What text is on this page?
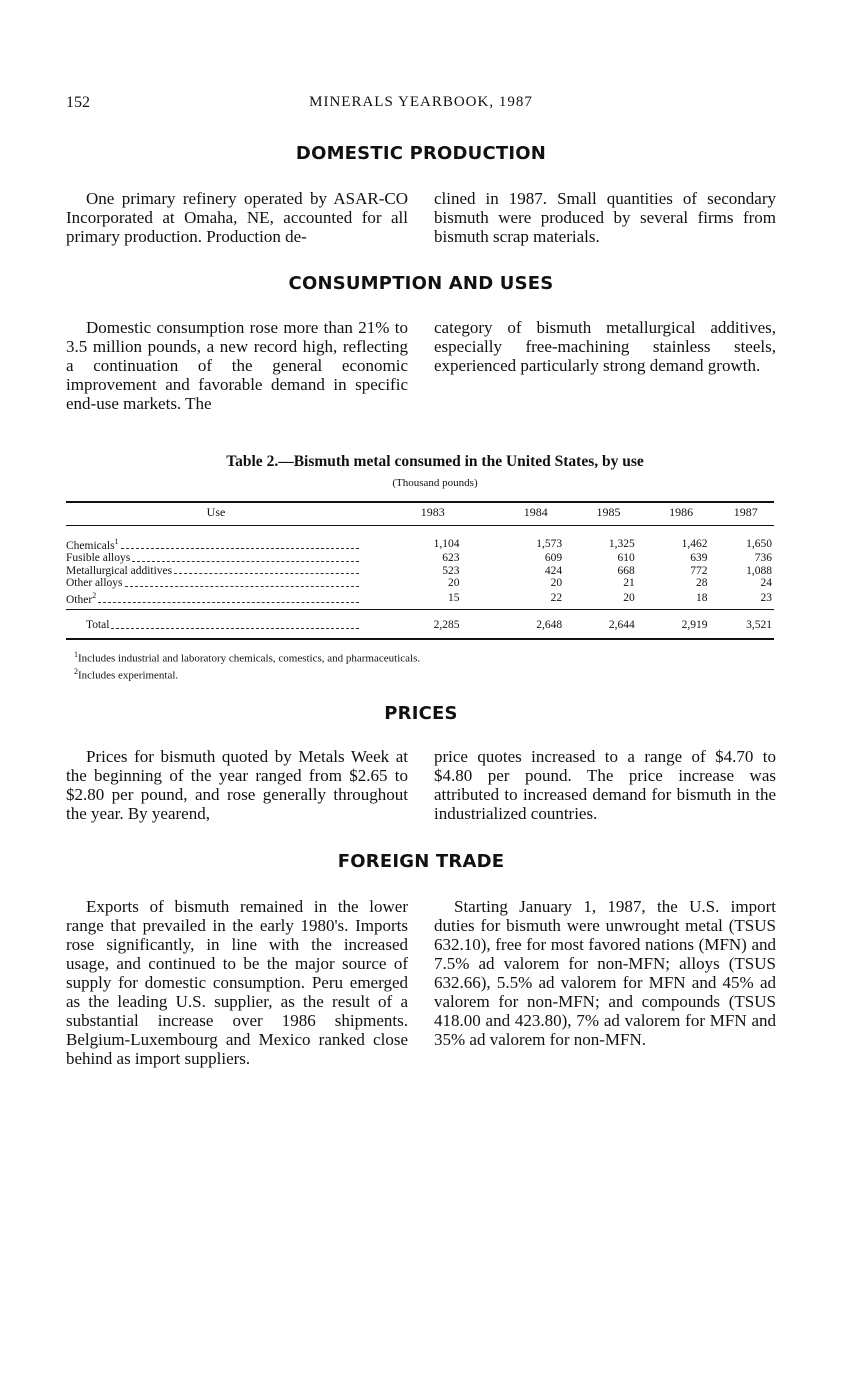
152	MINERALS YEARBOOK, 1987
DOMESTIC PRODUCTION

One primary refinery operated by ASAR-CO Incorporated at Omaha, NE, accounted for all primary production. Production de-

clined in 1987. Small quantities of secondary bismuth were produced by several firms from bismuth scrap materials.

CONSUMPTION AND USES

Domestic consumption rose more than 21% to 3.5 million pounds, a new record high, reflecting a continuation of the general economic improvement and favorable demand in specific end-use markets. The

category of bismuth metallurgical additives, especially free-machining stainless steels, experienced particularly strong demand growth.

Table 2.—Bismuth metal consumed in the United States, by use
(Thousand pounds)
Use	1983	1984	1985	1986	1987

Chemicals$^1$	1,104	1,573	1,325	1,462	1,650

Fusible alloys	623	609	610	639	736

Metallurgical additives	523	424	668	772	1,088

Other alloys	20	20	21	28	24

Other$^2$	15	22	20	18	23

Total	2,285	2,648	2,644	2,919	3,521
$^1$Includes industrial and laboratory chemicals, comestics, and pharmaceuticals.
$^2$Includes experimental.
PRICES

Prices for bismuth quoted by Metals Week at the beginning of the year ranged from $2.65 to $2.80 per pound, and rose generally throughout the year. By yearend,

price quotes increased to a range of $4.70 to $4.80 per pound. The price increase was attributed to increased demand for bismuth in the industrialized countries.

FOREIGN TRADE

Exports of bismuth remained in the lower range that prevailed in the early 1980's. Imports rose significantly, in line with the increased usage, and continued to be the major source of supply for domestic consumption. Peru emerged as the leading U.S. supplier, as the result of a substantial increase over 1986 shipments. Belgium-Luxembourg and Mexico ranked close behind as import suppliers.

Starting January 1, 1987, the U.S. import duties for bismuth were unwrought metal (TSUS 632.10), free for most favored nations (MFN) and 7.5% ad valorem for non-MFN; alloys (TSUS 632.66), 5.5% ad valorem for MFN and 45% ad valorem for non-MFN; and compounds (TSUS 418.00 and 423.80), 7% ad valorem for MFN and 35% ad valorem for non-MFN.
